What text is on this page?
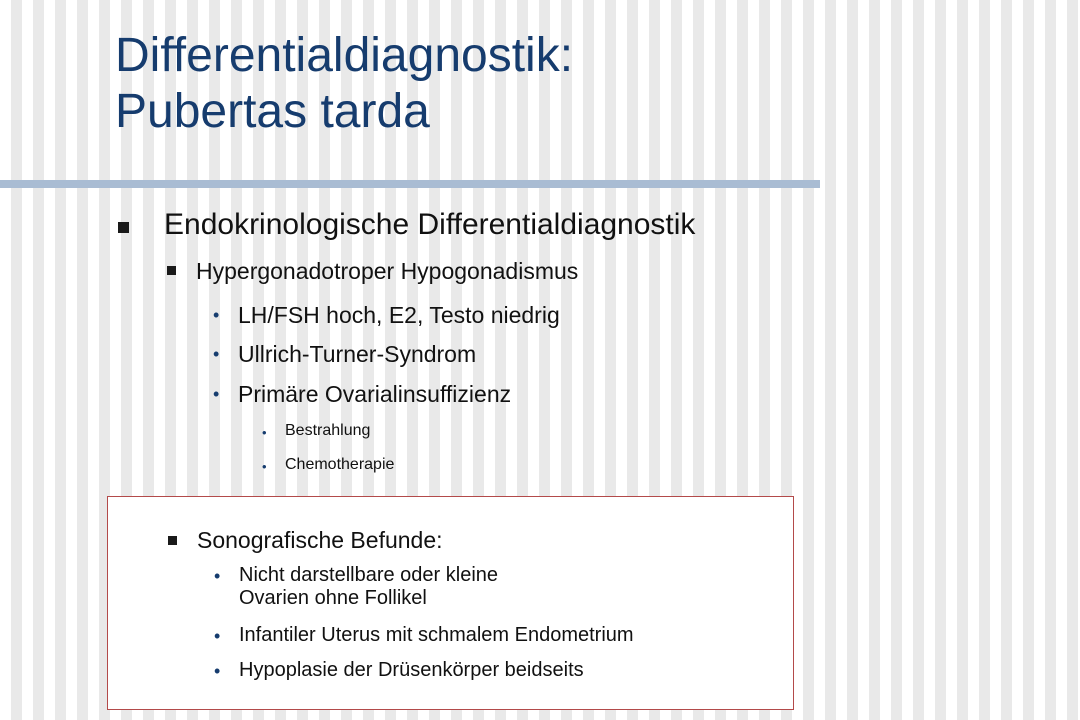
Differentialdiagnostik:
Pubertas tarda
Endokrinologische Differentialdiagnostik
Hypergonadotroper Hypogonadismus
• LH/FSH hoch, E2, Testo niedrig
• Ullrich-Turner-Syndrom
• Primäre Ovarialinsuffizienz
• Bestrahlung
• Chemotherapie
Sonografische Befunde:
• Nicht darstellbare oder kleine
Ovarien ohne Follikel
• Infantiler Uterus mit schmalem Endometrium
• Hypoplasie der Drüsenkörper beidseits
